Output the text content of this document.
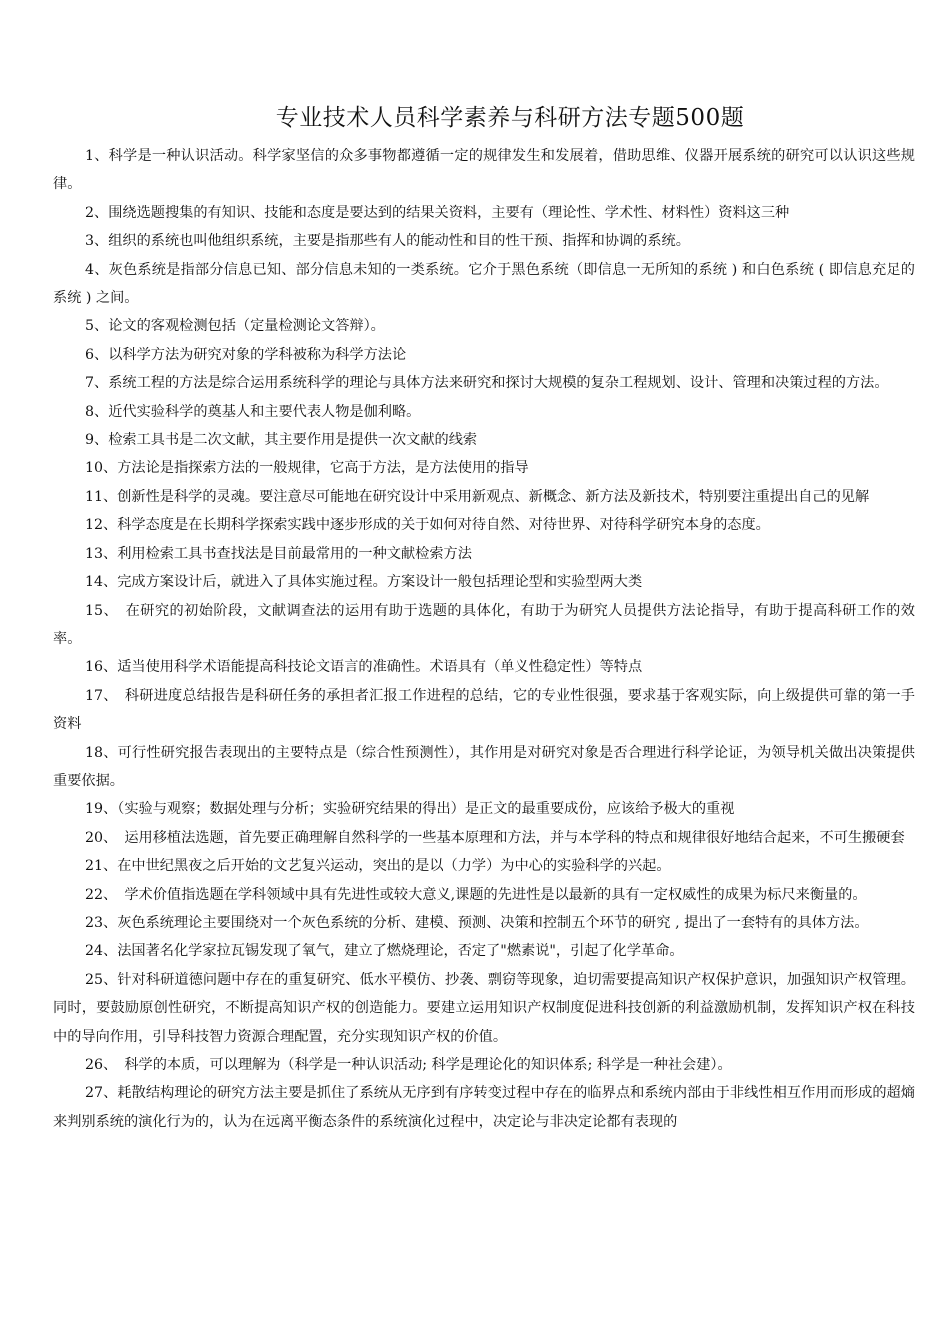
专业技术人员科学素养与科研方法专题500题

1、科学是一种认识活动。科学家坚信的众多事物都遵循一定的规律发生和发展着，借助思维、仪器开展系统的研究可以认识这些规律。

2、围绕选题搜集的有知识、技能和态度是要达到的结果关资料，主要有（理论性、学术性、材料性）资料这三种

3、组织的系统也叫他组织系统，主要是指那些有人的能动性和目的性干预、指挥和协调的系统。

4、灰色系统是指部分信息已知、部分信息未知的一类系统。它介于黑色系统（即信息一无所知的系统 ) 和白色系统 ( 即信息充足的系统 ) 之间。

5、论文的客观检测包括（定量检测论文答辩）。

6、以科学方法为研究对象的学科被称为科学方法论

7、系统工程的方法是综合运用系统科学的理论与具体方法来研究和探讨大规模的复杂工程规划、设计、管理和决策过程的方法。

8、近代实验科学的奠基人和主要代表人物是伽利略。

9、检索工具书是二次文献，其主要作用是提供一次文献的线索

10、方法论是指探索方法的一般规律，它高于方法，是方法使用的指导

11、创新性是科学的灵魂。要注意尽可能地在研究设计中采用新观点、新概念、新方法及新技术，特别要注重提出自己的见解

12、科学态度是在长期科学探索实践中逐步形成的关于如何对待自然、对待世界、对待科学研究本身的态度。

13、利用检索工具书查找法是目前最常用的一种文献检索方法

14、完成方案设计后，就进入了具体实施过程。方案设计一般包括理论型和实验型两大类

15、　在研究的初始阶段，文献调查法的运用有助于选题的具体化，有助于为研究人员提供方法论指导，有助于提高科研工作的效率。

16、适当使用科学术语能提高科技论文语言的准确性。术语具有（单义性稳定性）等特点

17、　科研进度总结报告是科研任务的承担者汇报工作进程的总结，它的专业性很强，要求基于客观实际，向上级提供可靠的第一手资料

18、可行性研究报告表现出的主要特点是（综合性预测性），其作用是对研究对象是否合理进行科学论证，为领导机关做出决策提供重要依据。

19、（实验与观察；数据处理与分析；实验研究结果的得出）是正文的最重要成份，应该给予极大的重视

20、　运用移植法选题，首先要正确理解自然科学的一些基本原理和方法，并与本学科的特点和规律很好地结合起来，不可生搬硬套

21、在中世纪黑夜之后开始的文艺复兴运动，突出的是以（力学）为中心的实验科学的兴起。

22、　学术价值指选题在学科领域中具有先进性或较大意义,课题的先进性是以最新的具有一定权威性的成果为标尺来衡量的。

23、灰色系统理论主要围绕对一个灰色系统的分析、建模、预测、决策和控制五个环节的研究 , 提出了一套特有的具体方法。

24、法国著名化学家拉瓦锡发现了氧气，建立了燃烧理论，否定了"燃素说"，引起了化学革命。

25、针对科研道德问题中存在的重复研究、低水平模仿、抄袭、剽窃等现象，迫切需要提高知识产权保护意识，加强知识产权管理。同时，要鼓励原创性研究，不断提高知识产权的创造能力。要建立运用知识产权制度促进科技创新的利益激励机制，发挥知识产权在科技中的导向作用，引导科技智力资源合理配置，充分实现知识产权的价值。

26、　科学的本质，可以理解为（科学是一种认识活动; 科学是理论化的知识体系; 科学是一种社会建）。

27、耗散结构理论的研究方法主要是抓住了系统从无序到有序转变过程中存在的临界点和系统内部由于非线性相互作用而形成的超熵来判别系统的演化行为的，认为在远离平衡态条件的系统演化过程中，决定论与非决定论都有表现的
